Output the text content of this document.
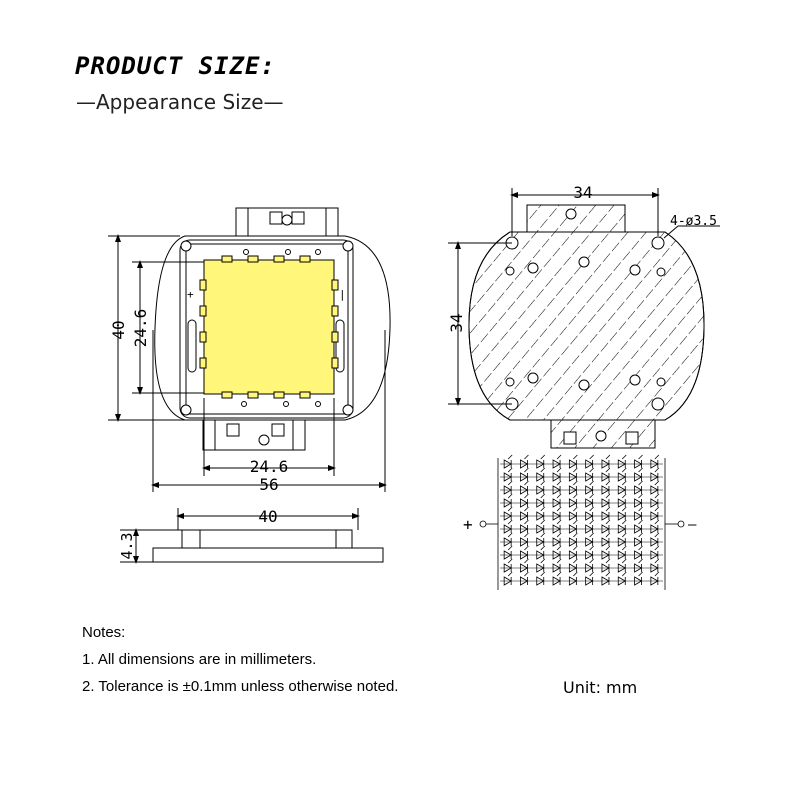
PRODUCT SIZE:
—Appearance Size—
+	|
40 24.6
24.6
56
40
4.3
34
34
4-ø3.5
+	—
Notes:
1. All dimensions are in millimeters.
2. Tolerance is ±0.1mm unless otherwise noted.	Unit: mm
